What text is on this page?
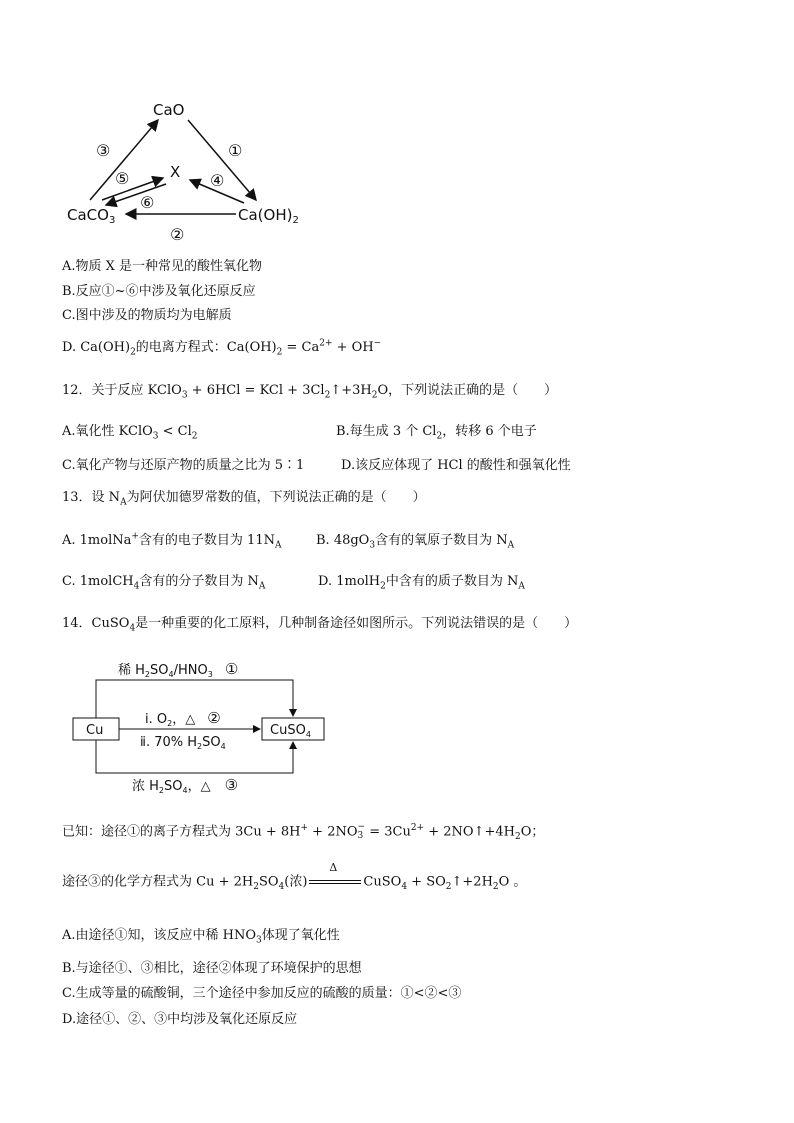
CaO
X
CaCO$_3$	$Ca(OH)_2$
③	①
⑤	④
⑥
②
A.物质 X 是一种常见的酸性氧化物
B.反应①~⑥中涉及氧化还原反应
C.图中涉及的物质均为电解质
D. $Ca(OH)_2$的电离方程式：$Ca(OH)_2 = Ca^{2+} + OH^-$
12．关于反应 KClO$_3$ + 6HCl = KCl + $3Cl_2↑+3H_2O$，下列说法正确的是（　　）
A.氧化性 KClO$_3$ < $Cl_2$	B.每生成 3 个 $Cl_2$，转移 6 个电子
C.氧化产物与还原产物的质量之比为 5∶1	D.该反应体现了 HCl 的酸性和强氧化性
13．设 $N_A$为阿伏加德罗常数的值，下列说法正确的是（　　）
A. 1molNa+含有的电子数目为 $11N_A$	B. $48gO_3$含有的氧原子数目为 $N_A$
C. 1molCH$_4$含有的分子数目为 $N_A$	D. 1molH$_2$中含有的质子数目为 $N_A$
14．CuSO$_4$是一种重要的化工原料，几种制备途径如图所示。下列说法错误的是（　　）
Cu	CuSO$_4$
稀 $H_2SO_4/HNO_3$ ①
ⅰ. $O_2$，△ ②
ⅱ. 70% $H_2SO_4$
浓 $H_2SO_4$，△ ③
已知：途径①的离子方程式为 3Cu + 8H+ + 2NO −
$3 = 3Cu^{2+}$ + $2NO↑+4H_2O$；
途径③的化学方程式为 $Cu + 2H_2SO_4$(浓)
Δ
CuSO$_4$ + $SO_2↑+2H_2O$ 。
A.由途径①知，该反应中稀 $HNO_3$体现了氧化性
B.与途径①、③相比，途径②体现了环境保护的思想
C.生成等量的硫酸铜，三个途径中参加反应的硫酸的质量：①<②<③
D.途径①、②、③中均涉及氧化还原反应
